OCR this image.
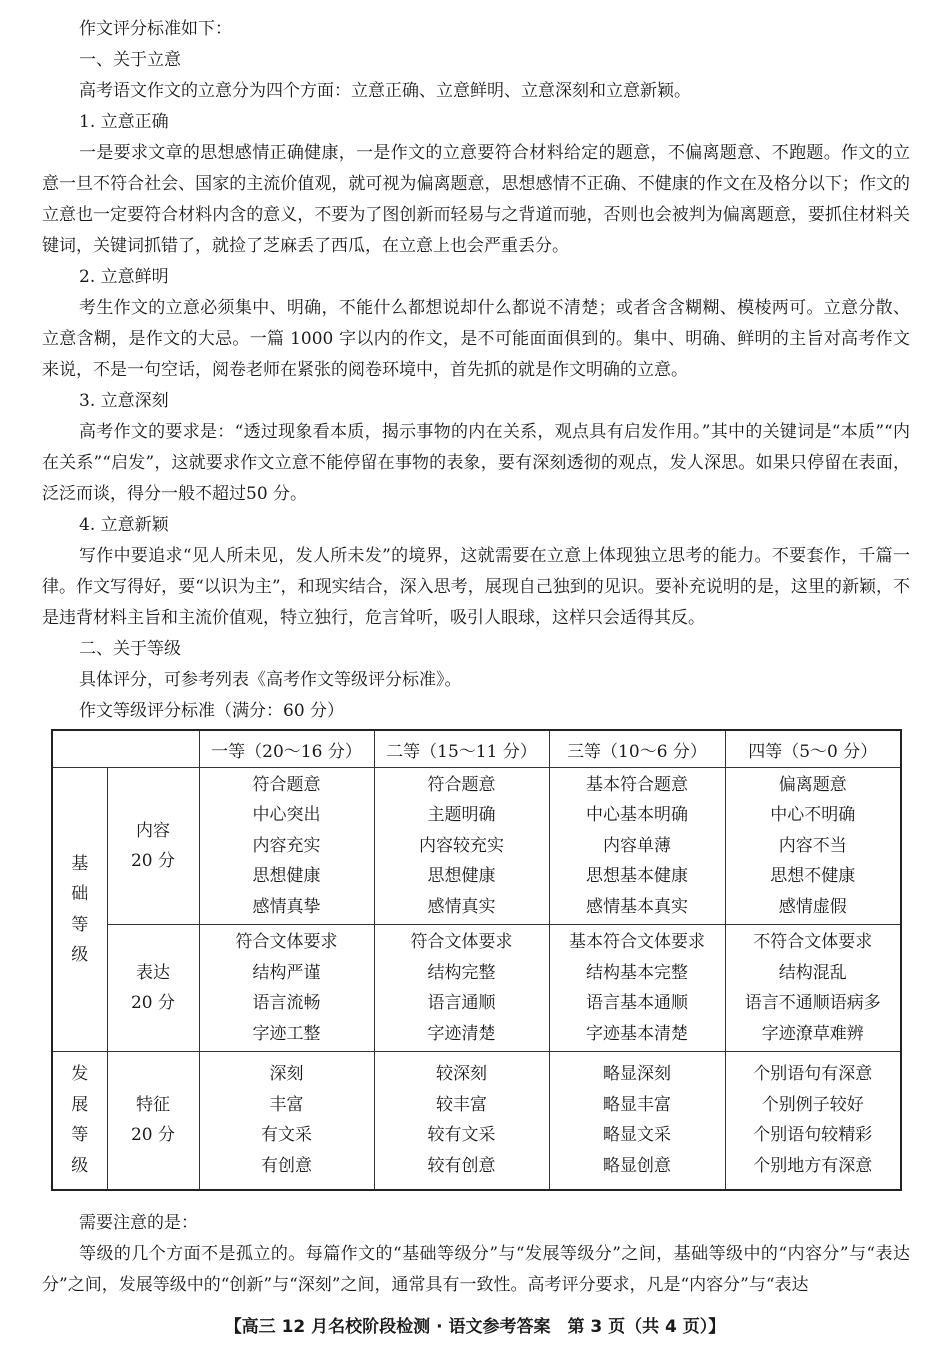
作文评分标准如下：

一、关于立意

高考语文作文的立意分为四个方面：立意正确、立意鲜明、立意深刻和立意新颖。

1. 立意正确

一是要求文章的思想感情正确健康，一是作文的立意要符合材料给定的题意，不偏离题意、不跑题。作文的立意一旦不符合社会、国家的主流价值观，就可视为偏离题意，思想感情不正确、不健康的作文在及格分以下；作文的立意也一定要符合材料内含的意义，不要为了图创新而轻易与之背道而驰，否则也会被判为偏离题意，要抓住材料关键词，关键词抓错了，就捡了芝麻丢了西瓜，在立意上也会严重丢分。

2. 立意鲜明

考生作文的立意必须集中、明确，不能什么都想说却什么都说不清楚；或者含含糊糊、模棱两可。立意分散、立意含糊，是作文的大忌。一篇 1000 字以内的作文，是不可能面面俱到的。集中、明确、鲜明的主旨对高考作文来说，不是一句空话，阅卷老师在紧张的阅卷环境中，首先抓的就是作文明确的立意。

3. 立意深刻

高考作文的要求是：“透过现象看本质，揭示事物的内在关系，观点具有启发作用。”其中的关键词是“本质”“内在关系”“启发”，这就要求作文立意不能停留在事物的表象，要有深刻透彻的观点，发人深思。如果只停留在表面，泛泛而谈，得分一般不超过50 分。

4. 立意新颖

写作中要追求“见人所未见，发人所未发”的境界，这就需要在立意上体现独立思考的能力。不要套作，千篇一律。作文写得好，要“以识为主”，和现实结合，深入思考，展现自己独到的见识。要补充说明的是，这里的新颖，不是违背材料主旨和主流价值观，特立独行，危言耸听，吸引人眼球，这样只会适得其反。

二、关于等级

具体评分，可参考列表《高考作文等级评分标准》。

作文等级评分标准（满分：60 分）

		一等（20～16 分）	二等（15～11 分）	三等（10～6 分）	四等（5～0 分）

基
础
等
级	内容
20 分	符合题意
中心突出
内容充实
思想健康
感情真挚	符合题意
主题明确
内容较充实
思想健康
感情真实	基本符合题意
中心基本明确
内容单薄
思想基本健康
感情基本真实	偏离题意
中心不明确
内容不当
思想不健康
感情虚假

	表达
20 分	符合文体要求
结构严谨
语言流畅
字迹工整	符合文体要求
结构完整
语言通顺
字迹清楚	基本符合文体要求
结构基本完整
语言基本通顺
字迹基本清楚	不符合文体要求
结构混乱
语言不通顺语病多
字迹潦草难辨

发
展
等
级	特征
20 分	深刻
丰富
有文采
有创意	较深刻
较丰富
较有文采
较有创意	略显深刻
略显丰富
略显文采
略显创意	个别语句有深意
个别例子较好
个别语句较精彩
个别地方有深意

需要注意的是：

等级的几个方面不是孤立的。每篇作文的“基础等级分”与“发展等级分”之间，基础等级中的“内容分”与“表达分”之间，发展等级中的“创新”与“深刻”之间，通常具有一致性。高考评分要求，凡是“内容分”与“表达

【高三 12 月名校阶段检测 · 语文参考答案　第 3 页（共 4 页）】
